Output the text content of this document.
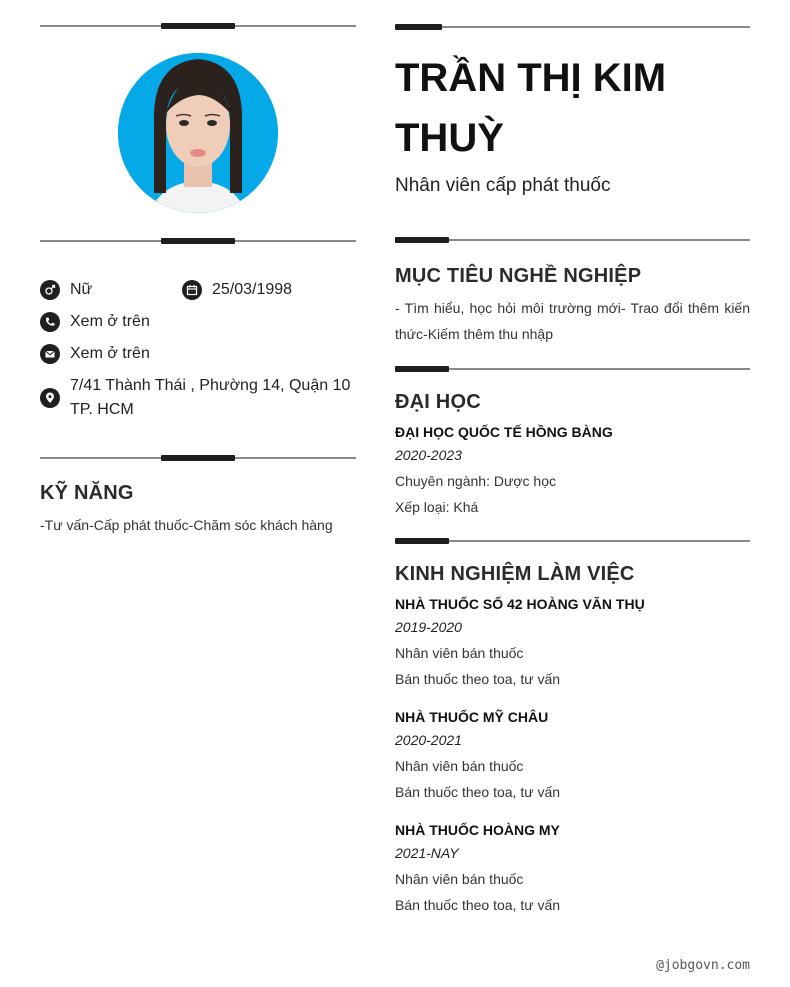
Nữ	25/03/1998
Xem ở trên
Xem ở trên
7/41 Thành Thái , Phường 14, Quận 10 TP. HCM
KỸ NĂNG
-Tư vấn-Cấp phát thuốc-Chăm sóc khách hàng
TRẦN THỊ KIM THUỲ
Nhân viên cấp phát thuốc
MỤC TIÊU NGHỀ NGHIỆP
- Tìm hiểu, học hỏi môi trường mới- Trao đổi thêm kiến thức-Kiếm thêm thu nhập
ĐẠI HỌC
ĐẠI HỌC QUỐC TẾ HỒNG BÀNG
2020-2023
Chuyên ngành: Dược học
Xếp loại: Khá
KINH NGHIỆM LÀM VIỆC
NHÀ THUỐC SỐ 42 HOÀNG VĂN THỤ
2019-2020
Nhân viên bán thuốc
Bán thuốc theo toa, tư vấn
NHÀ THUỐC MỸ CHÂU
2020-2021
Nhân viên bán thuốc
Bán thuốc theo toa, tư vấn
NHÀ THUỐC HOÀNG MY
2021-NAY
Nhân viên bán thuốc
Bán thuốc theo toa, tư vấn
@jobgovn.com
